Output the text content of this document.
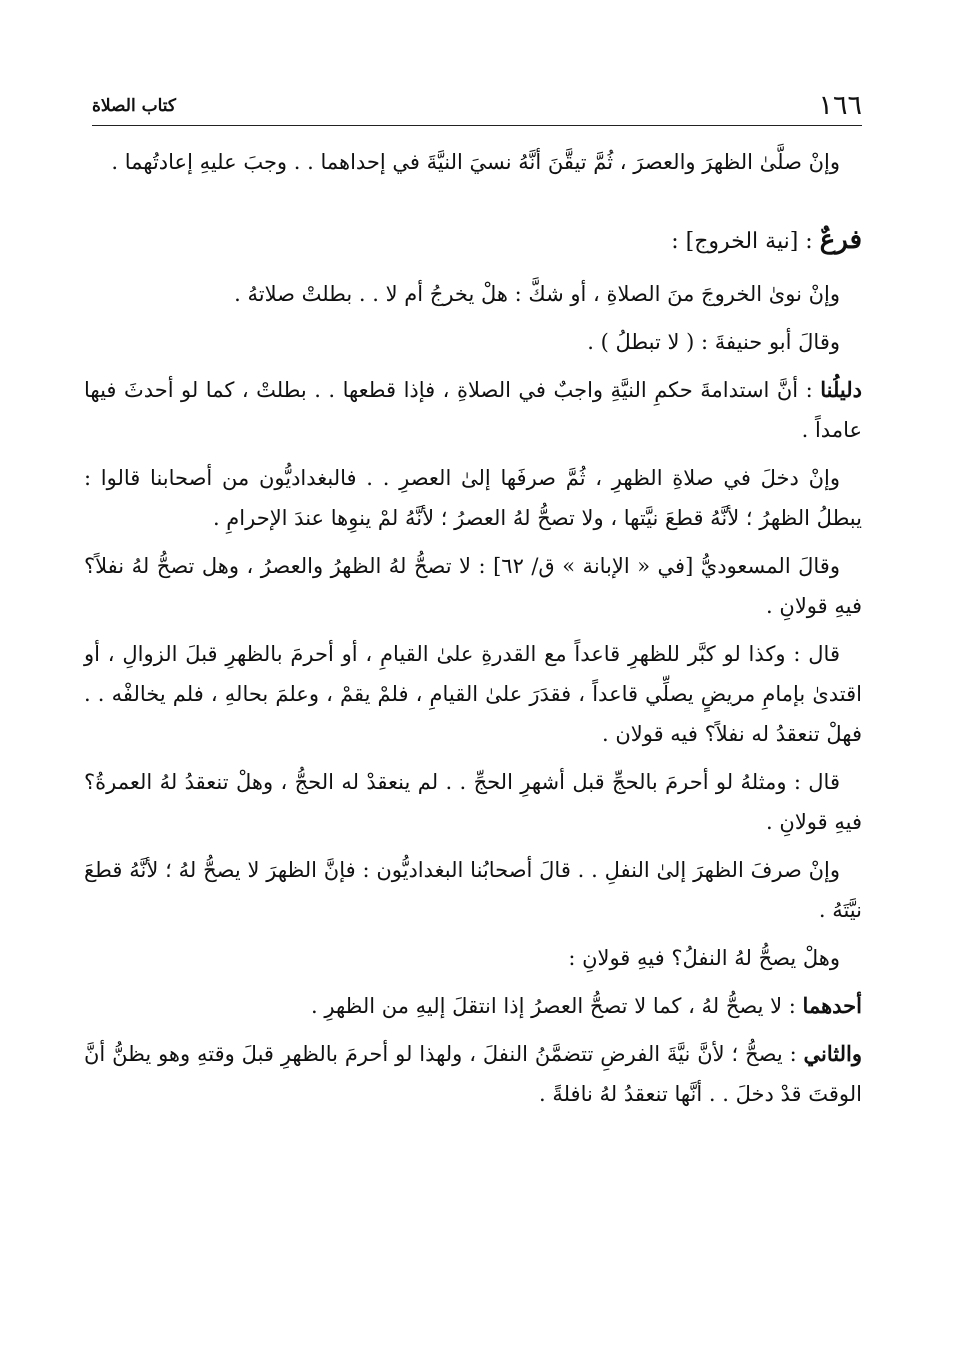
١٦٦
كتاب الصلاة

وإنْ صلَّىٰ الظهرَ والعصرَ ، ثُمَّ تيقَّنَ أنَّهُ نسيَ النيَّةَ في إحداهما . . وجبَ عليهِ إعادتُهما .

فرعٌ : [نية الخروج] :

وإنْ نوىٰ الخروجَ منَ الصلاةِ ، أو شكَّ : هلْ يخرجُ أم لا . . بطلتْ صلاتهُ .

وقالَ أبو حنيفةَ : ( لا تبطلُ ) .

دليلُنا : أنَّ استدامةَ حكمِ النيَّةِ واجبٌ في الصلاةِ ، فإذا قطعها . . بطلتْ ، كما لو أحدثَ فيها عامداً .

وإنْ دخلَ في صلاةِ الظهرِ ، ثُمَّ صرفَها إلىٰ العصرِ . . فالبغداديُّون من أصحابنا قالوا : يبطلُ الظهرُ ؛ لأنَّهُ قطعَ نيَّتها ، ولا تصحُّ لهُ العصرُ ؛ لأنَّهُ لمْ ينوِها عندَ الإحرامِ .

وقالَ المسعوديُّ [في « الإبانة » ق/ ٦٢] : لا تصحُّ لهُ الظهرُ والعصرُ ، وهل تصحُّ لهُ نفلاً؟ فيهِ قولانِ .

قال : وكذا لو كبَّر للظهرِ قاعداً مع القدرةِ علىٰ القيامِ ، أو أحرمَ بالظهرِ قبلَ الزوالِ ، أو اقتدىٰ بإمامِ مريضٍ يصلِّي قاعداً ، فقدَرَ علىٰ القيامِ ، فلمْ يقمْ ، وعلمَ بحالهِ ، فلم يخالفْه . . فهلْ تنعقدُ له نفلاً؟ فيه قولان .

قال : ومثلهُ لو أحرمَ بالحجِّ قبل أشهرِ الحجِّ . . لم ينعقدْ له الحجُّ ، وهلْ تنعقدُ لهُ العمرةُ؟ فيهِ قولانِ .

وإنْ صرفَ الظهرَ إلىٰ النفلِ . . قالَ أصحابُنا البغداديُّون : فإنَّ الظهرَ لا يصحُّ لهُ ؛ لأنَّهُ قطعَ نيَّتَهُ .

وهلْ يصحُّ لهُ النفلُ؟ فيهِ قولانِ :

أحدهما : لا يصحُّ لهُ ، كما لا تصحُّ العصرُ إذا انتقلَ إليهِ من الظهرِ .

والثاني : يصحُّ ؛ لأنَّ نيَّةَ الفرضِ تتضمَّنُ النفلَ ، ولهذا لو أحرمَ بالظهرِ قبلَ وقتهِ وهو يظنُّ أنَّ الوقتَ قدْ دخلَ . . أنَّها تنعقدُ لهُ نافلةً .
